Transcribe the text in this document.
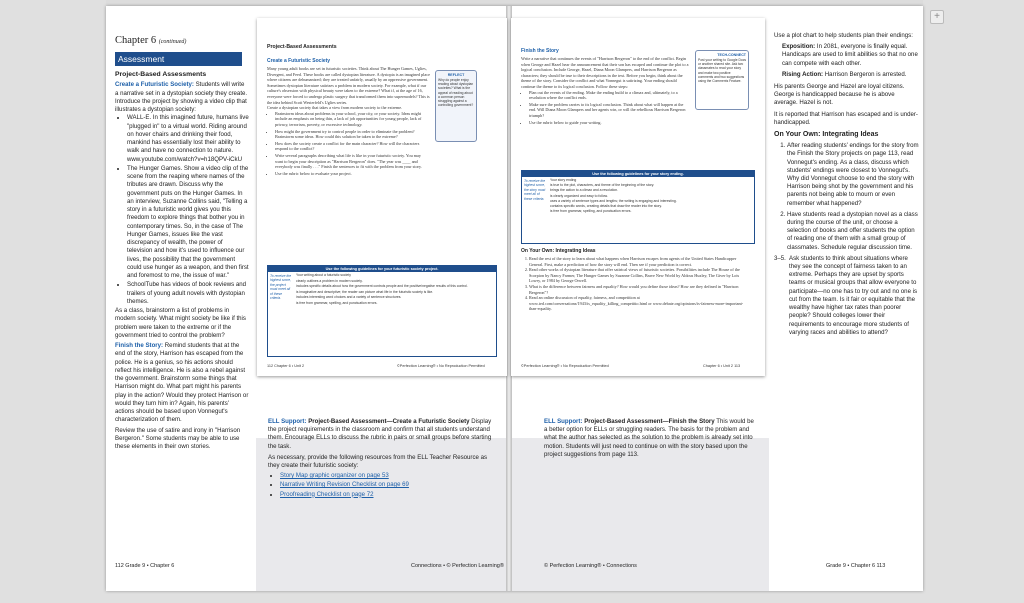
+
Chapter 6 (continued)
Assessment
Project-Based Assessments
Create a Futuristic Society: Students will write a narrative set in a dystopian society they create. Introduce the project by showing a video clip that illustrates a dystopian society:
• WALL-E. In this imagined future, humans live "plugged in" to a virtual world. Riding around on hover chairs and drinking their food, mankind has essentially lost their ability to walk and have no connection to nature. www.youtube.com/watch?v=h18QPV-iCkU
• The Hunger Games. Show a video clip of the scene from the reaping where names of the tributes are drawn. Discuss why the government puts on the Hunger Games. In an interview, Suzanne Collins said, "Telling a story in a futuristic world gives you this freedom to explore things that bother you in contemporary times. So, in the case of The Hunger Games, issues like the vast discrepancy of wealth, the power of television and how it's used to influence our lives, the possibility that the government could use hunger as a weapon, and then first and foremost to me, the issue of war."
• SchoolTube has videos of book reviews and trailers of young adult novels with dystopian themes.
As a class, brainstorm a list of problems in modern society. What might society be like if this problem were taken to the extreme or if the government tried to control the problem?
Finish the Story: Remind students that at the end of the story, Harrison has escaped from the police. He is a genius, so his actions should reflect his intelligence. He is also a rebel against the government. Brainstorm some things that Harrison might do. What part might his parents play in the action? Would they protect Harrison or would they turn him in? Again, his parents' actions should be based upon Vonnegut's characterization of them.
Review the use of satire and irony in "Harrison Bergeron." Some students may be able to use these elements in their own stories.
112 Grade 9 • Chapter 6
Project-Based Assessments
Create a Futuristic Society
Many young adult books are set in futuristic societies. Think about The Hunger Games, Uglies, Divergent, and Feed. These books are called dystopian literature. A dystopia is an imagined place where citizens are dehumanized; they are treated unfairly, usually by an oppressive government. Sometimes dystopian literature satirizes a problem in modern society. For example, what if our culture's obsession with physical beauty were taken to the extreme? What if, at the age of 16, everyone were forced to undergo plastic surgery that transformed them into supermodels? This is the idea behind Scott Westerfeld's Uglies series.
Create a dystopian society that takes a view from modern society to the extreme.
• Brainstorm ideas about problems in your school, your city, or your society. Ideas might include an emphasis on being thin, a lack of job opportunities for young people, lack of privacy, terrorism, poverty, or excessive technology.
• How might the government try to control people in order to eliminate the problem? Brainstorm some ideas. How could this solution be taken to the extreme?
• How does the society create a conflict for the main character? How will the characters respond to the conflict?
• Write several paragraphs describing what life is like in your futuristic society. You may want to begin your description as "Harrison Bergeron" does. "The year was ____ and everybody was finally . . ." Finish the sentences to fit with the problem from your story.
• Use the rubric below to evaluate your project.
REFLECT
Why do people enjoy reading about dystopian societies? What is the appeal of reading about a common person struggling against a controlling government?
Use the following guidelines for your futuristic society project.
To receive the highest score, the project must meet all of these criteria.
Your writing about a futuristic society
clearly outlines a problem in modern society.
includes specific details about how the government controls people and the positive/negative results of this control.
is imaginative and descriptive; the reader can picture what life in the futuristic society is like.
includes interesting word choices and a variety of sentence structures.
is free from grammar, spelling, and punctuation errors.
112 Chapter 6 • Unit 2	©Perfection Learning® • No Reproduction Permitted
Finish the Story
Write a narrative that continues the events of "Harrison Bergeron" to the end of the conflict. Begin when George and Hazel hear the announcement that their son has escaped and continue the plot to a logical conclusion. Include George, Hazel, Diana Moon Glampers, and Harrison Bergeron as characters; they should be true to their descriptions in the text. Before you begin, think about the theme of the story. Consider the conflict and what Vonnegut is satirizing. Your ending should continue the theme to its logical conclusion. Follow these steps:
• Plan out the events of the ending. Make the ending build to a climax and, ultimately, to a resolution where the conflict ends.
• Make sure the problem carries to its logical conclusion. Think about what will happen at the end. Will Diana Moon Glampers and her agents win, or will the rebellious Harrison Bergeron triumph?
• Use the rubric below to guide your writing.
TECH-CONNECT
Post your writing to Google Docs or another shared site. Ask two classmates to read your story and make two positive comments and two suggestions using the Comments Feature.
Use the following guidelines for your story ending.
To receive the highest score, the story must meet all of these criteria.
Your story ending
is true to the plot, characters, and theme of the beginning of the story.
brings the action to a climax and a resolution.
is clearly organized and easy to follow.
uses a variety of sentence types and lengths; the writing is engaging and interesting.
contains specific words, creating details that draw the reader into the story.
is free from grammar, spelling, and punctuation errors.
On Your Own: Integrating Ideas
1. Read the rest of the story to learn about what happens when Harrison escapes from agents of the United States Handicapper General. First, make a prediction of how the story will end. Then see if your prediction is correct.
2. Read other works of dystopian literature that offer satirical views of futuristic societies. Possibilities include The House of the Scorpion by Nancy Farmer, The Hunger Games by Suzanne Collins, Brave New World by Aldous Huxley, The Giver by Lois Lowry, or 1984 by George Orwell.
3. What is the difference between fairness and equality? How would you define those ideas? How are they defined in "Harrison Bergeron"?
4. Read an online discussion of equality, fairness, and competition at www.ted.com/conversations/1943/is_equality_killing_competitio.html or www.debate.org/opinions/is-fairness-more-important-than-equality.
©Perfection Learning® • No Reproduction Permitted	Chapter 6 • Unit 2 113
ELL Support: Project-Based Assessment—Create a Futuristic Society Display the project requirements in the classroom and confirm that all students understand them. Encourage ELLs to discuss the rubric in pairs or small groups before starting the task.
As necessary, provide the following resources from the ELL Teacher Resource as they create their futuristic society:
• Story Map graphic organizer on page 53
• Narrative Writing Revision Checklist on page 69
• Proofreading Checklist on page 72
Connections • © Perfection Learning®
ELL Support: Project-Based Assessment—Finish the Story This would be a better option for ELLs or struggling readers. The basis for the problem and what the author has selected as the solution to the problem is already set into motion. Students will just need to continue on with the story based upon the project suggestions from page 113.
© Perfection Learning® • Connections
Use a plot chart to help students plan their endings:
Exposition: In 2081, everyone is finally equal. Handicaps are used to limit abilities so that no one can compete with each other.
Rising Action: Harrison Bergeron is arrested.
His parents George and Hazel are loyal citizens. George is handicapped because he is above average. Hazel is not.
It is reported that Harrison has escaped and is under-handicapped.
On Your Own: Integrating Ideas
1. After reading students' endings for the story from the Finish the Story projects on page 113, read Vonnegut's ending. As a class, discuss which students' endings were closest to Vonnegut's. Why did Vonnegut choose to end the story with Harrison being shot by the government and his parents not being able to mourn or even remember what happened?
2. Have students read a dystopian novel as a class during the course of the unit, or choose a selection of books and offer students the option of reading one of them with a small group of classmates. Schedule regular discussion time.
3–5. Ask students to think about situations where they see the concept of fairness taken to an extreme. Perhaps they are upset by sports teams or musical groups that allow everyone to participate—no one has to try out and no one is cut from the team. Is it fair or equitable that the wealthy have higher tax rates than poorer people? Should colleges lower their requirements to encourage more students of varying races and abilities to attend?
Grade 9 • Chapter 6 113
